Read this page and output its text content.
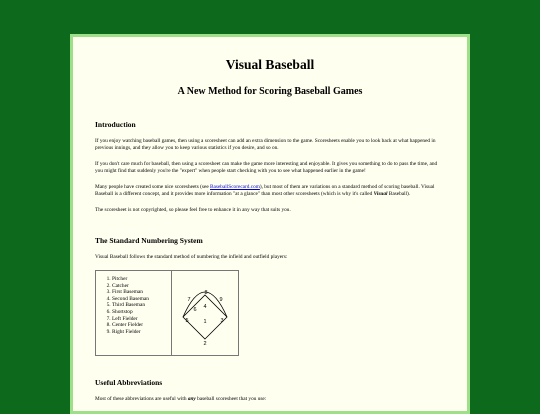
Visual Baseball
A New Method for Scoring Baseball Games
Introduction

If you enjoy watching baseball games, then using a scoresheet can add an extra dimension to the game. Scoresheets enable you to look back at what happened in previous innings, and they allow you to keep various statistics if you desire, and so on.

If you don't care much for baseball, then using a scoresheet can make the game more interesting and enjoyable. It gives you something to do to pass the time, and you might find that suddenly you're the "expert" when people start checking with you to see what happened earlier in the game!

Many people have created some nice scoresheets (see BaseballScorecard.com), but most of them are variations on a standard method of scoring baseball. Visual Baseball is a different concept, and it provides more information "at a glance" than most other scoresheets (which is why it's called Visual Baseball).

The scoresheet is not copyrighted, so please feel free to enhance it in any way that suits you.

The Standard Numbering System

Visual Baseball follows the standard method of numbering the infield and outfield players:

1. Pitcher
2. Catcher
3. First Baseman
4. Second Baseman
5. Third Baseman
6. Shortstop
7. Left Fielder
8. Center Fielder
9. Right Fielder
1
2
3
4
5
6
7
8
9
Useful Abbreviations

Most of these abbreviations are useful with any baseball scoresheet that you use:
